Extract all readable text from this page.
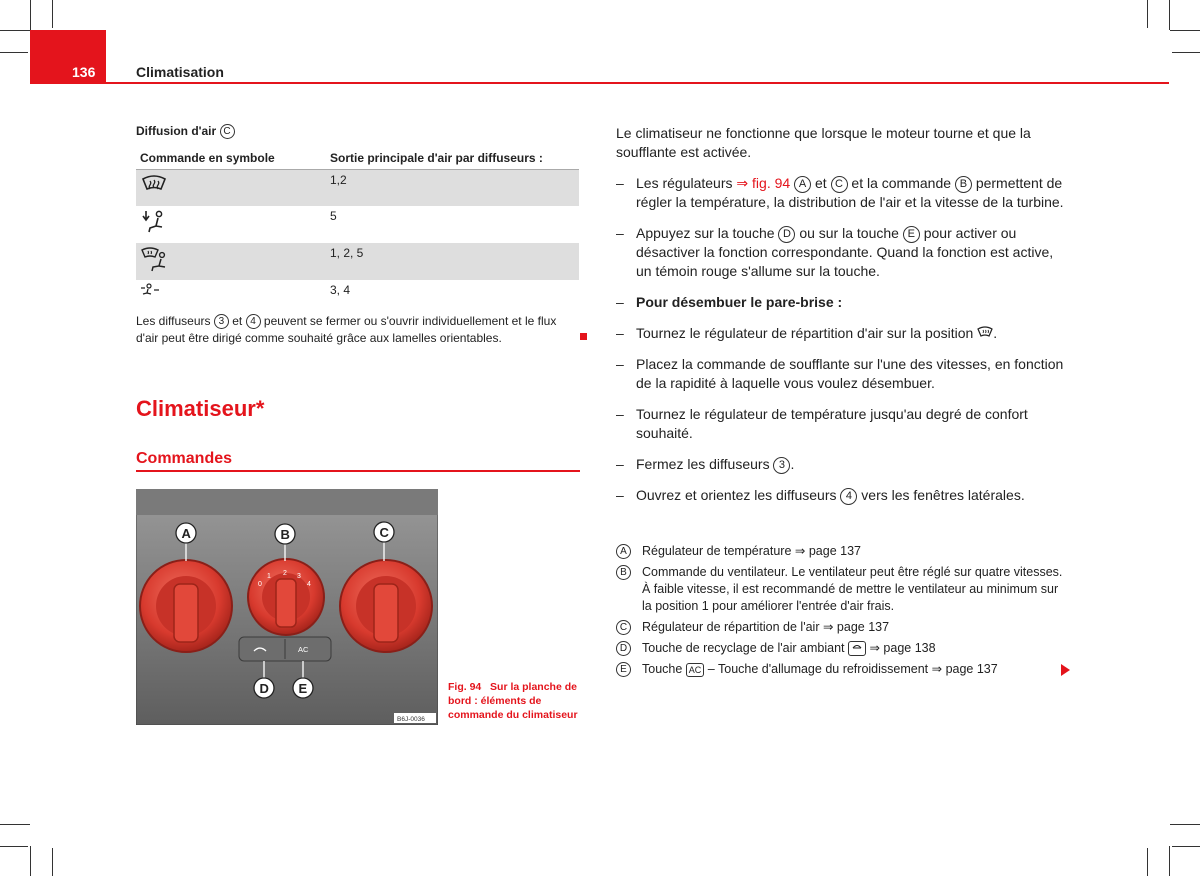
136	Climatisation
Diffusion d'air C
Commande en symbole	Sortie principale d'air par diffuseurs :
	1,2
	5
	1, 2, 5
	3, 4
Les diffuseurs 3 et 4 peuvent se fermer ou s'ouvrir individuellement et le flux d'air peut être dirigé comme souhaité grâce aux lamelles orientables.
Climatiseur*
Commandes
0
1 2 3
4
AC
A	B	C
D E
B6J-0036
Fig. 94 Sur la planche de bord : éléments de commande du climatiseur
Le climatiseur ne fonctionne que lorsque le moteur tourne et que la soufflante est activée.
– Les régulateurs ⇒ fig. 94 A et C et la commande B permettent de régler la température, la distribution de l'air et la vitesse de la turbine.
– Appuyez sur la touche D ou sur la touche E pour activer ou désactiver la fonction correspondante. Quand la fonction est active, un témoin rouge s'allume sur la touche.
– Pour désembuer le pare-brise :
– Tournez le régulateur de répartition d'air sur la position .
– Placez la commande de soufflante sur l'une des vitesses, en fonction de la rapidité à laquelle vous voulez désembuer.
– Tournez le régulateur de température jusqu'au degré de confort souhaité.
– Fermez les diffuseurs 3 .
– Ouvrez et orientez les diffuseurs 4 vers les fenêtres latérales.
A	Régulateur de température ⇒ page 137
B	Commande du ventilateur. Le ventilateur peut être réglé sur quatre vitesses. À faible vitesse, il est recommandé de mettre le ventilateur au minimum sur la position 1 pour améliorer l'entrée d'air frais.
C	Régulateur de répartition de l'air ⇒ page 137
D	Touche de recyclage de l'air ambiant ⇒ page 138
E	Touche AC – Touche d'allumage du refroidissement ⇒ page 137
